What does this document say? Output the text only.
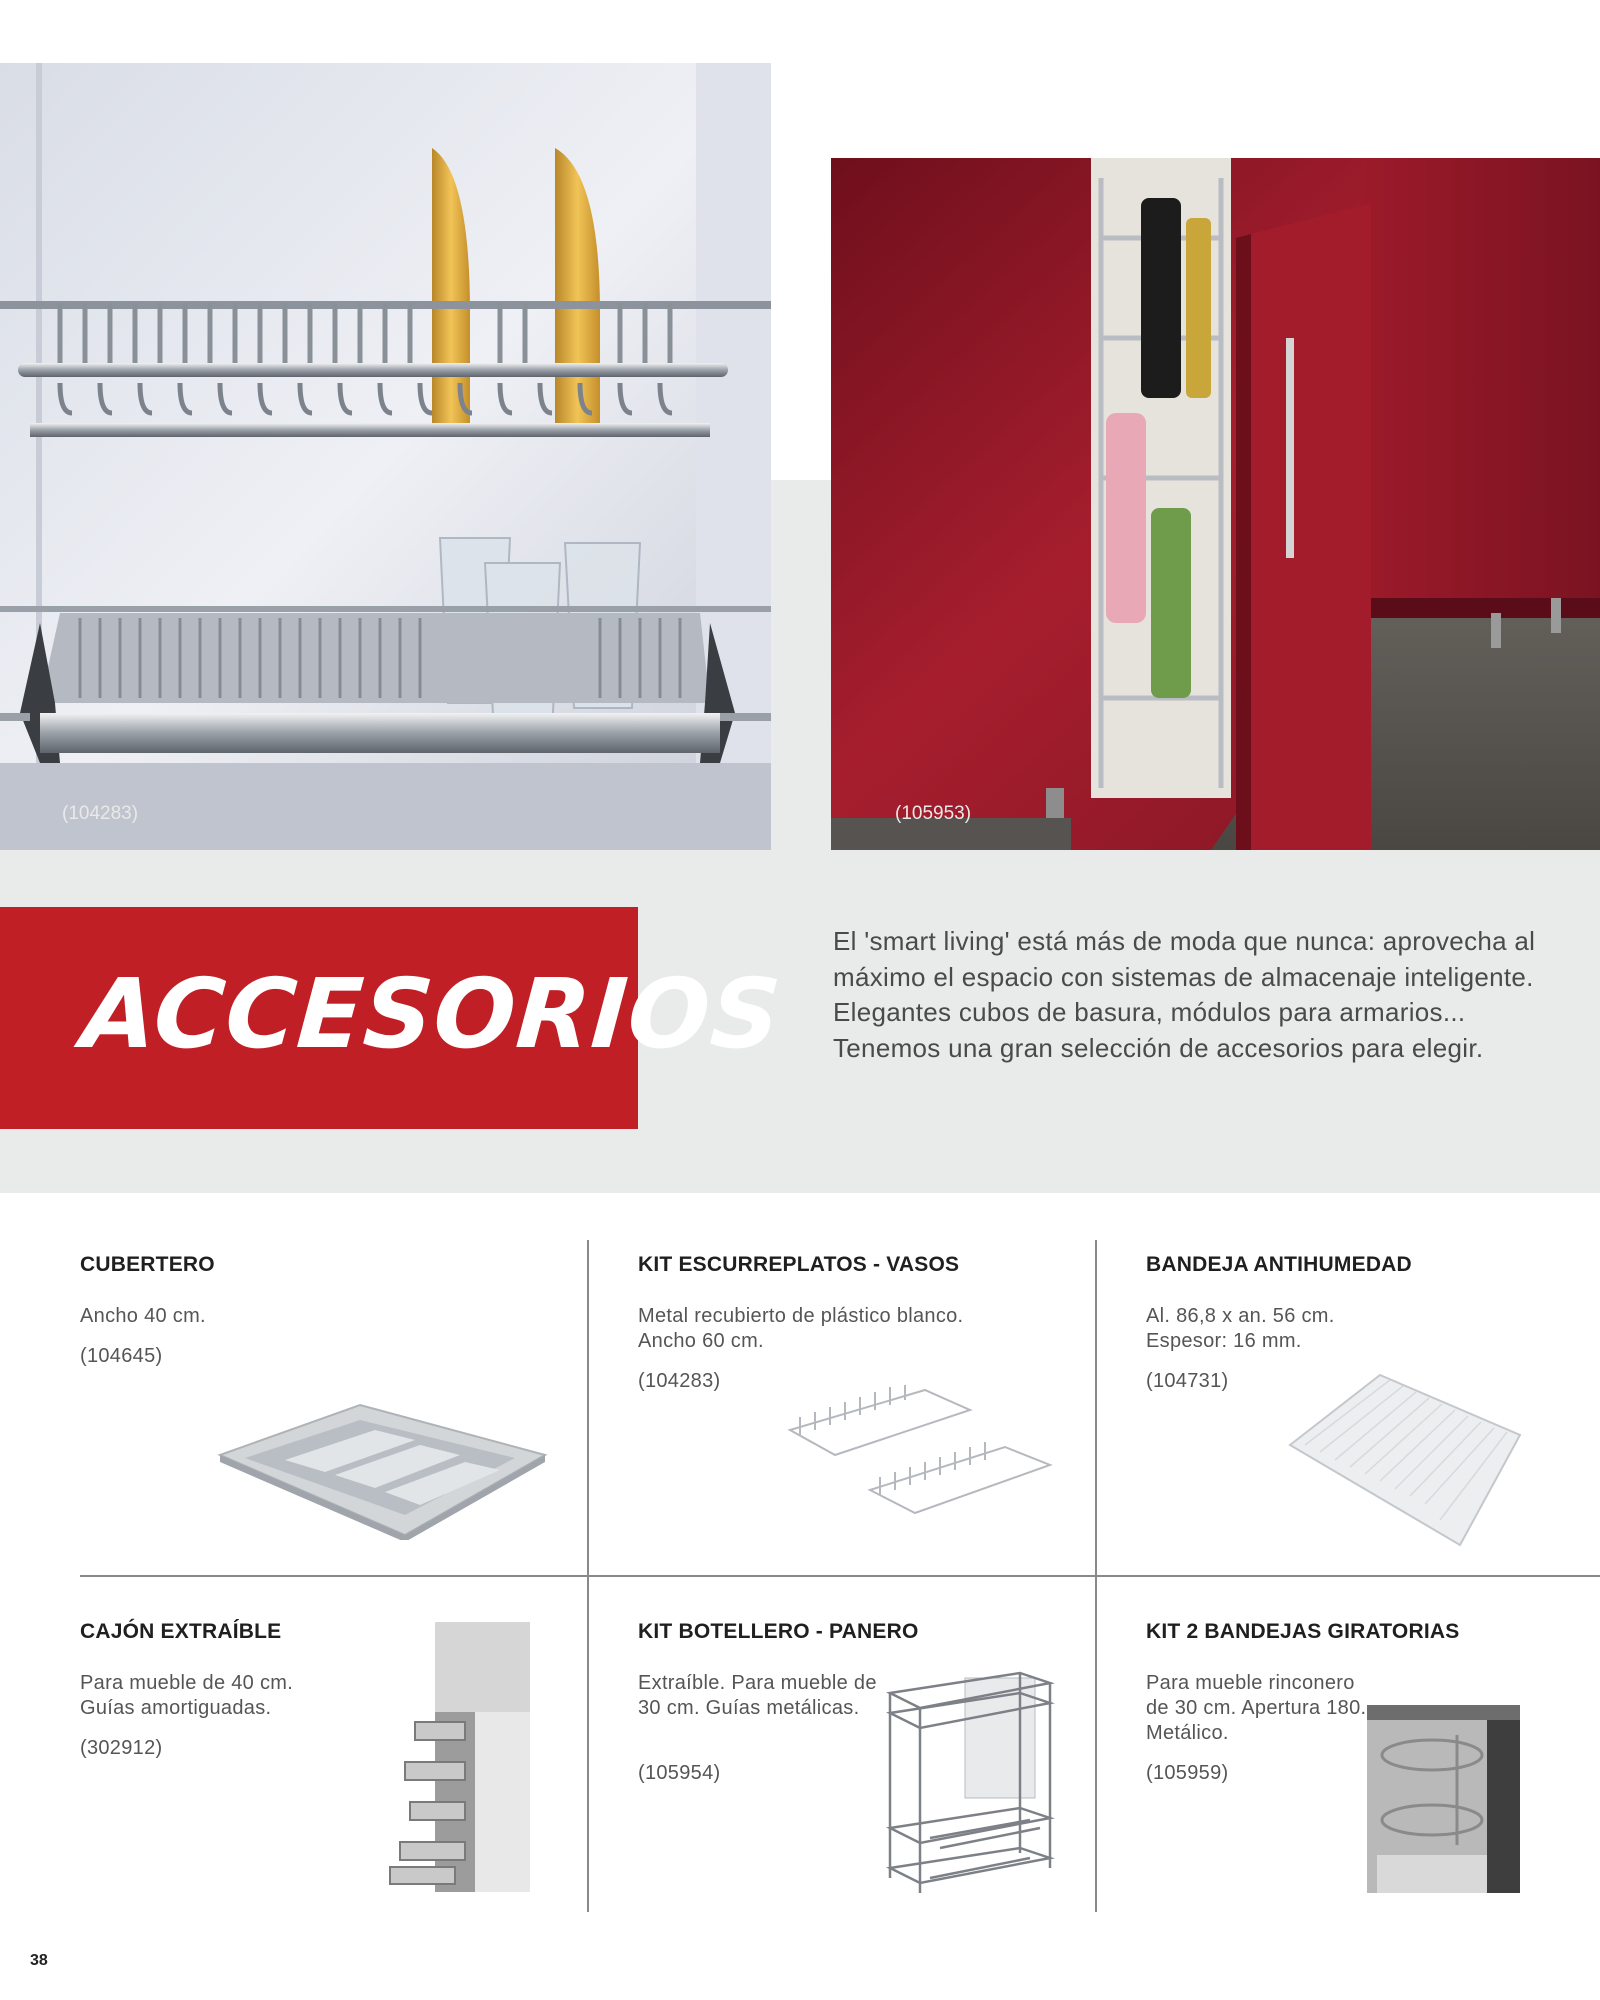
(104283)	(105953)
ACCESORIOS
El 'smart living' está más de moda que nunca: aprovecha al máximo el espacio con sistemas de almacenaje inteligente. Elegantes cubos de basura, módulos para armarios... Tenemos una gran selección de accesorios para elegir.
CUBERTERO
Ancho 40 cm.
(104645)
KIT ESCURREPLATOS - VASOS
Metal recubierto de plástico blanco. Ancho 60 cm.
(104283)
BANDEJA ANTIHUMEDAD
Al. 86,8 x an. 56 cm. Espesor: 16 mm.
(104731)
CAJÓN EXTRAÍBLE
Para mueble de 40 cm. Guías amortiguadas.
(302912)
KIT BOTELLERO - PANERO
Extraíble. Para mueble de 30 cm. Guías metálicas.
(105954)
KIT 2 BANDEJAS GIRATORIAS
Para mueble rinconero de 30 cm. Apertura 180. Metálico.
(105959)
38
